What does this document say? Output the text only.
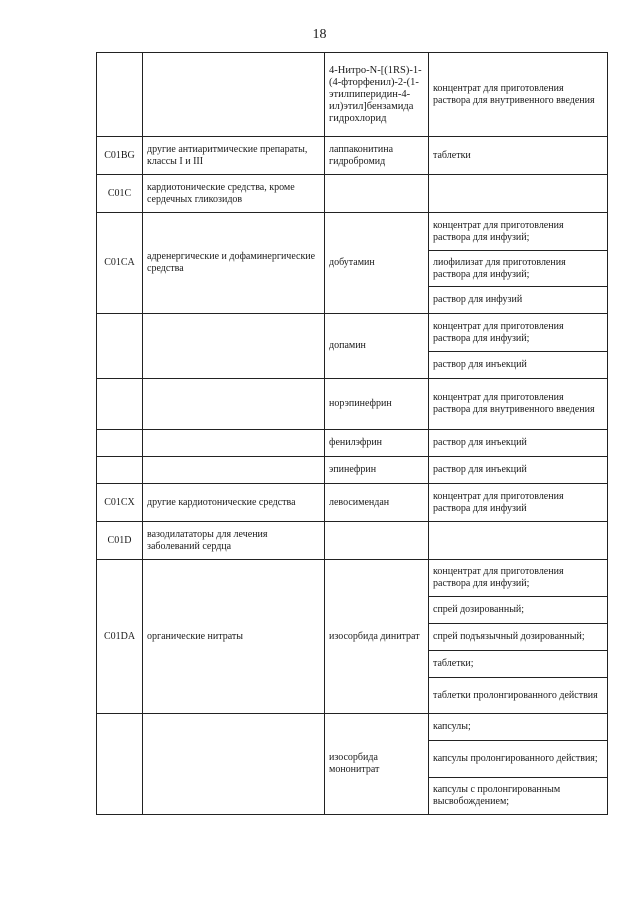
18
		4-Нитро-N-[(1RS)-1-(4-фторфенил)-2-(1-этилпиперидин-4-ил)этил]бензамида гидрохлорид	концентрат для приготовления раствора для внутривенного введения
C01BG	другие антиаритмические препараты, классы I и III	лаппаконитина гидробромид	таблетки
C01C	кардиотонические средства, кроме сердечных гликозидов		
C01CA	адренергические и дофаминергические средства	добутамин	концентрат для приготовления раствора для инфузий;
			лиофилизат для приготовления раствора для инфузий;
			раствор для инфузий
		допамин	концентрат для приготовления раствора для инфузий;
			раствор для инъекций
		норэпинефрин	концентрат для приготовления раствора для внутривенного введения
		фенилэфрин	раствор для инъекций
		эпинефрин	раствор для инъекций
C01CX	другие кардиотонические средства	левосимендан	концентрат для приготовления раствора для инфузий
C01D	вазодилататоры для лечения заболеваний сердца		
C01DA	органические нитраты	изосорбида динитрат	концентрат для приготовления раствора для инфузий;
			спрей дозированный;
			спрей подъязычный дозированный;
			таблетки;
			таблетки пролонгированного действия
		изосорбида мононитрат	капсулы;
			капсулы пролонгированного действия;
			капсулы с пролонгированным высвобождением;
